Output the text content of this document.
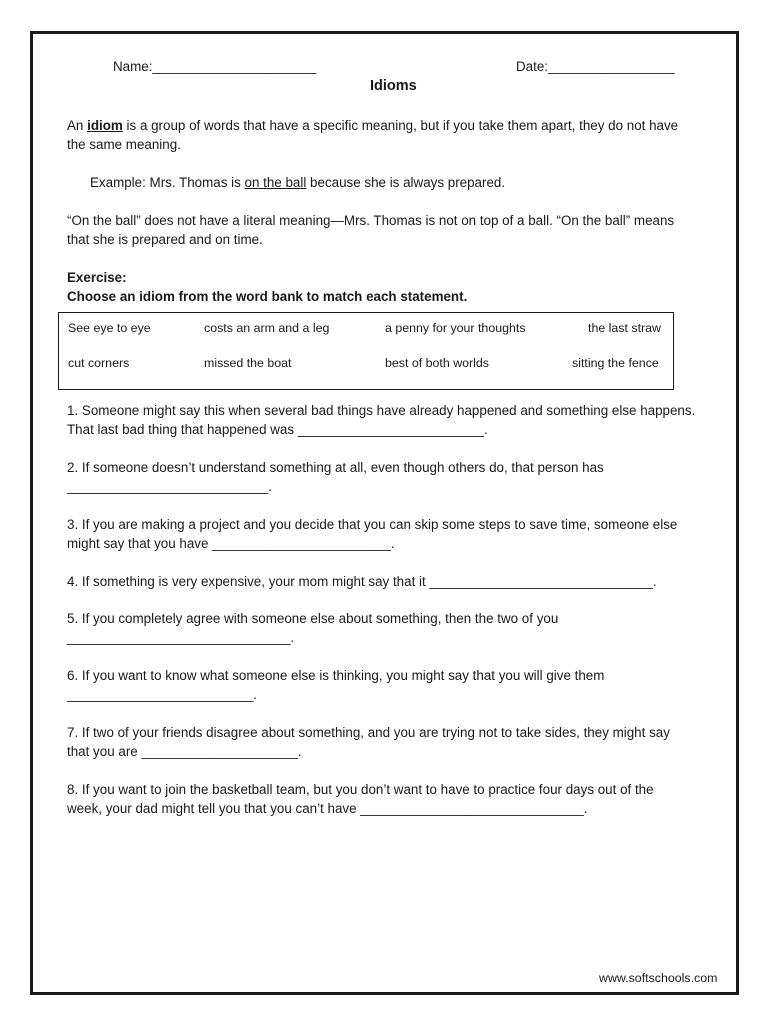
Name:______________________	Date:_________________
Idioms
An idiom is a group of words that have a specific meaning, but if you take them apart, they do not have
the same meaning.
Example: Mrs. Thomas is on the ball because she is always prepared.
“On the ball” does not have a literal meaning—Mrs. Thomas is not on top of a ball. “On the ball” means
that she is prepared and on time.
Exercise:
Choose an idiom from the word bank to match each statement.
See eye to eye	costs an arm and a leg	a penny for your thoughts	the last straw
cut corners	missed the boat	best of both worlds	sitting the fence
1. Someone might say this when several bad things have already happened and something else happens.
That last bad thing that happened was _________________________.
2. If someone doesn’t understand something at all, even though others do, that person has
___________________________.
3. If you are making a project and you decide that you can skip some steps to save time, someone else
might say that you have ________________________.
4. If something is very expensive, your mom might say that it ______________________________.
5. If you completely agree with someone else about something, then the two of you
______________________________.
6. If you want to know what someone else is thinking, you might say that you will give them
_________________________.
7. If two of your friends disagree about something, and you are trying not to take sides, they might say
that you are _____________________.
8. If you want to join the basketball team, but you don’t want to have to practice four days out of the
week, your dad might tell you that you can’t have ______________________________.
www.softschools.com
